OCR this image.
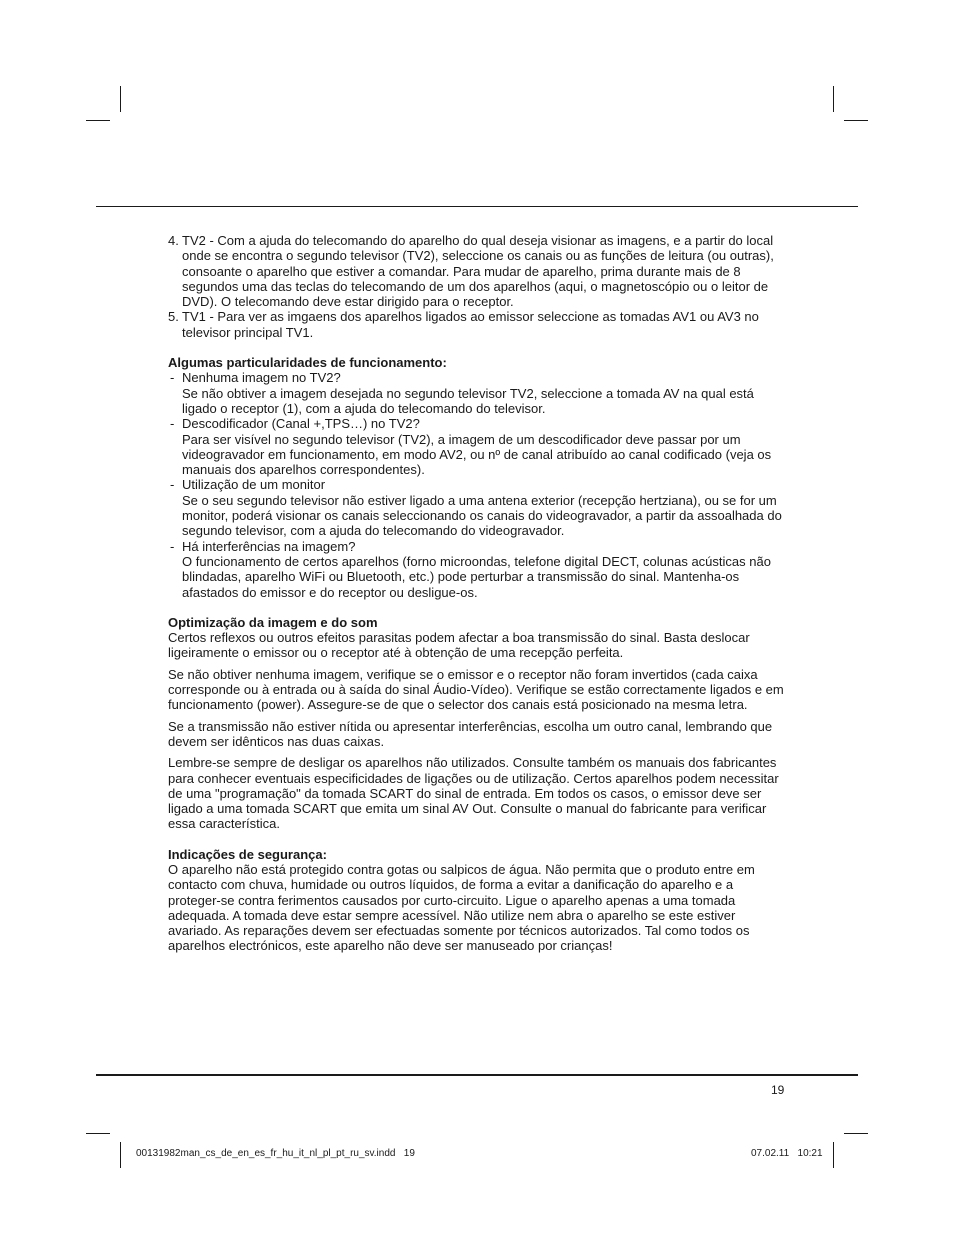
4. TV2 - Com a ajuda do telecomando do aparelho do qual deseja visionar as imagens, e a partir do local onde se encontra o segundo televisor (TV2), seleccione os canais ou as funções de leitura (ou outras), consoante o aparelho que estiver a comandar. Para mudar de aparelho, prima durante mais de 8 segundos uma das teclas do telecomando de um dos aparelhos (aqui, o magnetoscópio ou o leitor de DVD). O telecomando deve estar dirigido para o receptor.
5. TV1 - Para ver as imgaens dos aparelhos ligados ao emissor seleccione as tomadas AV1 ou AV3 no televisor principal TV1.

Algumas particularidades de funcionamento:

- Nenhuma imagem no TV2?
Se não obtiver a imagem desejada no segundo televisor TV2, seleccione a tomada AV na qual está ligado o receptor (1), com a ajuda do telecomando do televisor.
- Descodificador (Canal +,TPS…) no TV2?
Para ser visível no segundo televisor (TV2), a imagem de um descodificador deve passar por um videogravador em funcionamento, em modo AV2, ou nº de canal atribuído ao canal codificado (veja os manuais dos aparelhos correspondentes).
- Utilização de um monitor
Se o seu segundo televisor não estiver ligado a uma antena exterior (recepção hertziana), ou se for um monitor, poderá visionar os canais seleccionando os canais do videogravador, a partir da assoalhada do segundo televisor, com a ajuda do telecomando do videogravador.
- Há interferências na imagem?
O funcionamento de certos aparelhos (forno microondas, telefone digital DECT, colunas acústicas não blindadas, aparelho WiFi ou Bluetooth, etc.) pode perturbar a transmissão do sinal. Mantenha-os afastados do emissor e do receptor ou desligue-os.

Optimização da imagem e do som

Certos reflexos ou outros efeitos parasitas podem afectar a boa transmissão do sinal. Basta deslocar ligeiramente o emissor ou o receptor até à obtenção de uma recepção perfeita.

Se não obtiver nenhuma imagem, verifique se o emissor e o receptor não foram invertidos (cada caixa corresponde ou à entrada ou à saída do sinal Áudio-Vídeo). Verifique se estão correctamente ligados e em funcionamento (power). Assegure-se de que o selector dos canais está posicionado na mesma letra.

Se a transmissão não estiver nítida ou apresentar interferências, escolha um outro canal, lembrando que devem ser idênticos nas duas caixas.

Lembre-se sempre de desligar os aparelhos não utilizados. Consulte também os manuais dos fabricantes para conhecer eventuais especificidades de ligações ou de utilização. Certos aparelhos podem necessitar de uma "programação" da tomada SCART do sinal de entrada. Em todos os casos, o emissor deve ser ligado a uma tomada SCART que emita um sinal AV Out. Consulte o manual do fabricante para verificar essa característica.

Indicações de segurança:

O aparelho não está protegido contra gotas ou salpicos de água. Não permita que o produto entre em contacto com chuva, humidade ou outros líquidos, de forma a evitar a danificação do aparelho e a proteger-se contra ferimentos causados por curto-circuito. Ligue o aparelho apenas a uma tomada adequada. A tomada deve estar sempre acessível. Não utilize nem abra o aparelho se este estiver avariado. As reparações devem ser efectuadas somente por técnicos autorizados. Tal como todos os aparelhos electrónicos, este aparelho não deve ser manuseado por crianças!

19
00131982man_cs_de_en_es_fr_hu_it_nl_pl_pt_ru_sv.indd   19	07.02.11   10:21
